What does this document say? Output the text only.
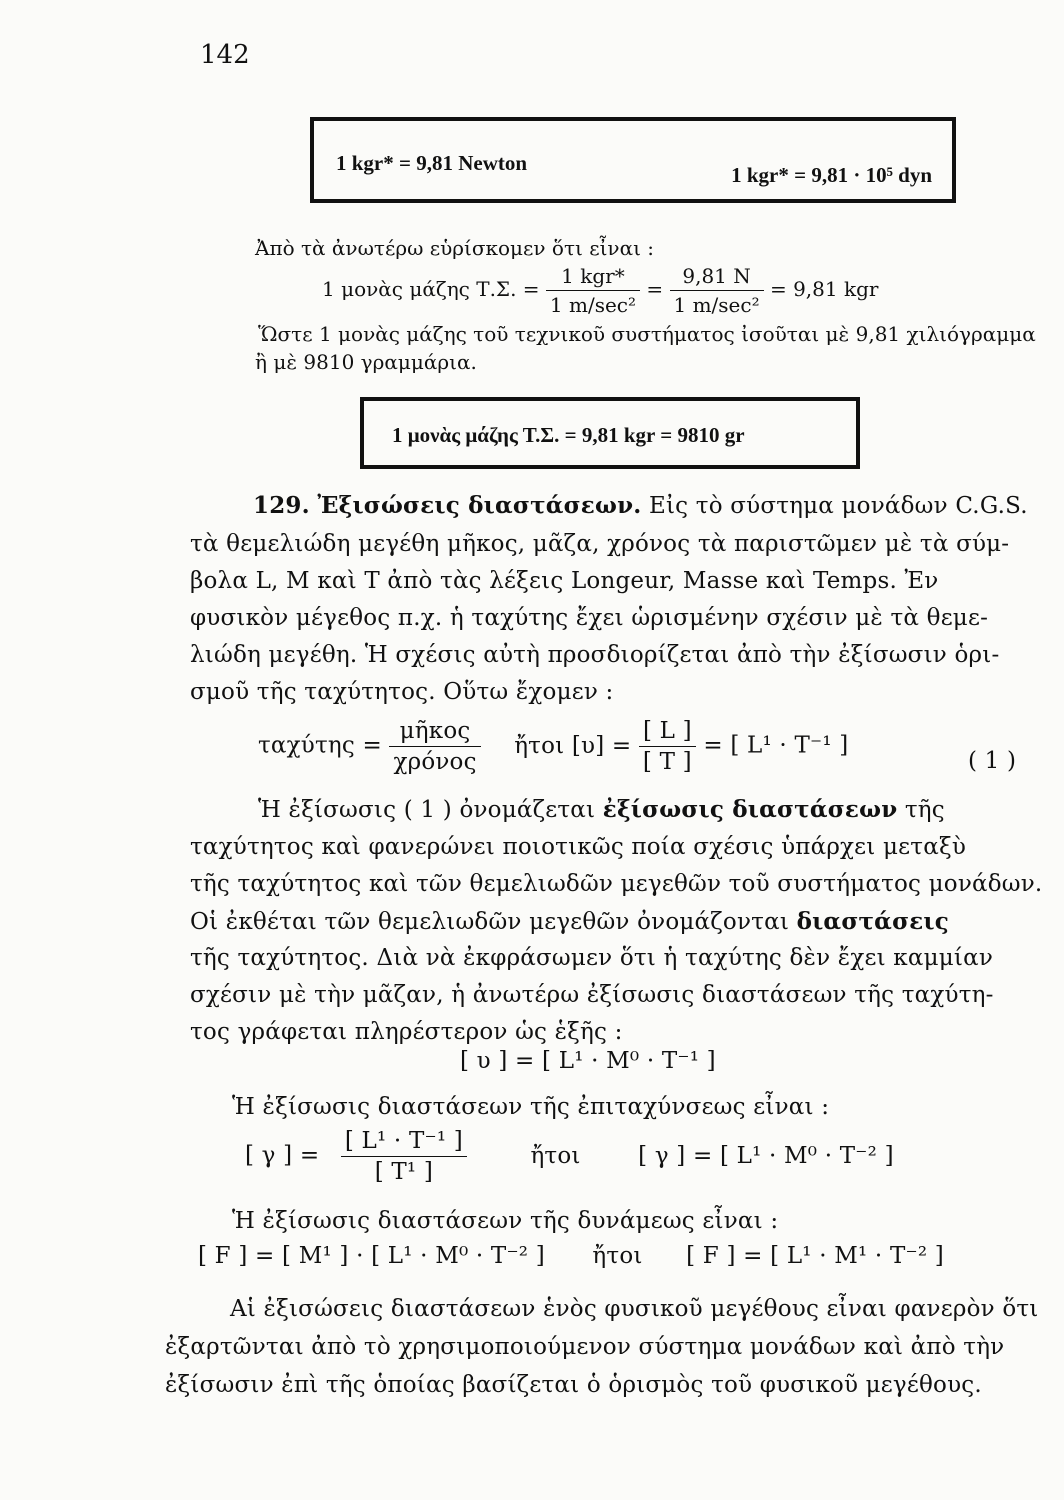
142
1 kgr* = 9,81 Newton	1 kgr* = 9,81 · 10⁵ dyn
Ἀπὸ τὰ ἀνωτέρω εὑρίσκομεν ὅτι εἶναι :
1 μονὰς μάζης Τ.Σ. = $\frac{\text{1 kgr*}}{\text{1 m/sec²}} = \frac{9,81 N}{\text{1 m/sec²}} = 9,81$ kgr
Ὥστε 1 μονὰς μάζης τοῦ τεχνικοῦ συστήματος ἰσοῦται μὲ 9,81 χιλιόγραμμα
ἢ μὲ 9810 γραμμάρια.
1 μονὰς μάζης Τ.Σ. = 9,81 kgr = 9810 gr
129. Ἐξισώσεις διαστάσεων. Εἰς τὸ σύστημα μονάδων C.G.S.
τὰ θεμελιώδη μεγέθη μῆκος, μᾶζα, χρόνος τὰ παριστῶμεν μὲ τὰ σύμ-
βολα L, M καὶ T ἀπὸ τὰς λέξεις Longeur, Masse καὶ Temps. Ἐν
φυσικὸν μέγεθος π.χ. ἡ ταχύτης ἔχει ὡρισμένην σχέσιν μὲ τὰ θεμε-
λιώδη μεγέθη. Ἡ σχέσις αὐτὴ προσδιορίζεται ἀπὸ τὴν ἐξίσωσιν ὁρι-
σμοῦ τῆς ταχύτητος. Οὕτω ἔχομεν :
$\tau\alpha\chi ύ\tau\eta\varsigma = \frac{\text{μῆκος}}{\text{χρόνος}}$ ἤτοι $[\upsilon] = \frac{[ L ]}{[ T ]}$ = [ L¹ · T⁻¹ ]
( 1 )
Ἡ ἐξίσωσις ( 1 ) ὀνομάζεται ἐξίσωσις διαστάσεων τῆς
ταχύτητος καὶ φανερώνει ποιοτικῶς ποία σχέσις ὑπάρχει μεταξὺ
τῆς ταχύτητος καὶ τῶν θεμελιωδῶν μεγεθῶν τοῦ συστήματος μονάδων.
Οἱ ἐκθέται τῶν θεμελιωδῶν μεγεθῶν ὀνομάζονται διαστάσεις
τῆς ταχύτητος. Διὰ νὰ ἐκφράσωμεν ὅτι ἡ ταχύτης δὲν ἔχει καμμίαν
σχέσιν μὲ τὴν μᾶζαν, ἡ ἀνωτέρω ἐξίσωσις διαστάσεων τῆς ταχύτη-
τος γράφεται πληρέστερον ὡς ἑξῆς :
[ υ ] = [ L¹ · M⁰ · T⁻¹ ]
Ἡ ἐξίσωσις διαστάσεων τῆς ἐπιταχύνσεως εἶναι :
[ γ ] = $\frac{\text{[ L¹ · T⁻¹ ]}}{\text{[ T¹ ]}}$	ἤτοι	[ γ ] = [ L¹ · M⁰ · T⁻² ]
Ἡ ἐξίσωσις διαστάσεων τῆς δυνάμεως εἶναι :
[ F ] = [ M¹ ] · [ L¹ · M⁰ · T⁻² ] ἤτοι [ F ] = [ L¹ · M¹ · T⁻² ]
Αἱ ἐξισώσεις διαστάσεων ἑνὸς φυσικοῦ μεγέθους εἶναι φανερὸν ὅτι
ἐξαρτῶνται ἀπὸ τὸ χρησιμοποιούμενον σύστημα μονάδων καὶ ἀπὸ τὴν
ἐξίσωσιν ἐπὶ τῆς ὁποίας βασίζεται ὁ ὁρισμὸς τοῦ φυσικοῦ μεγέθους.
